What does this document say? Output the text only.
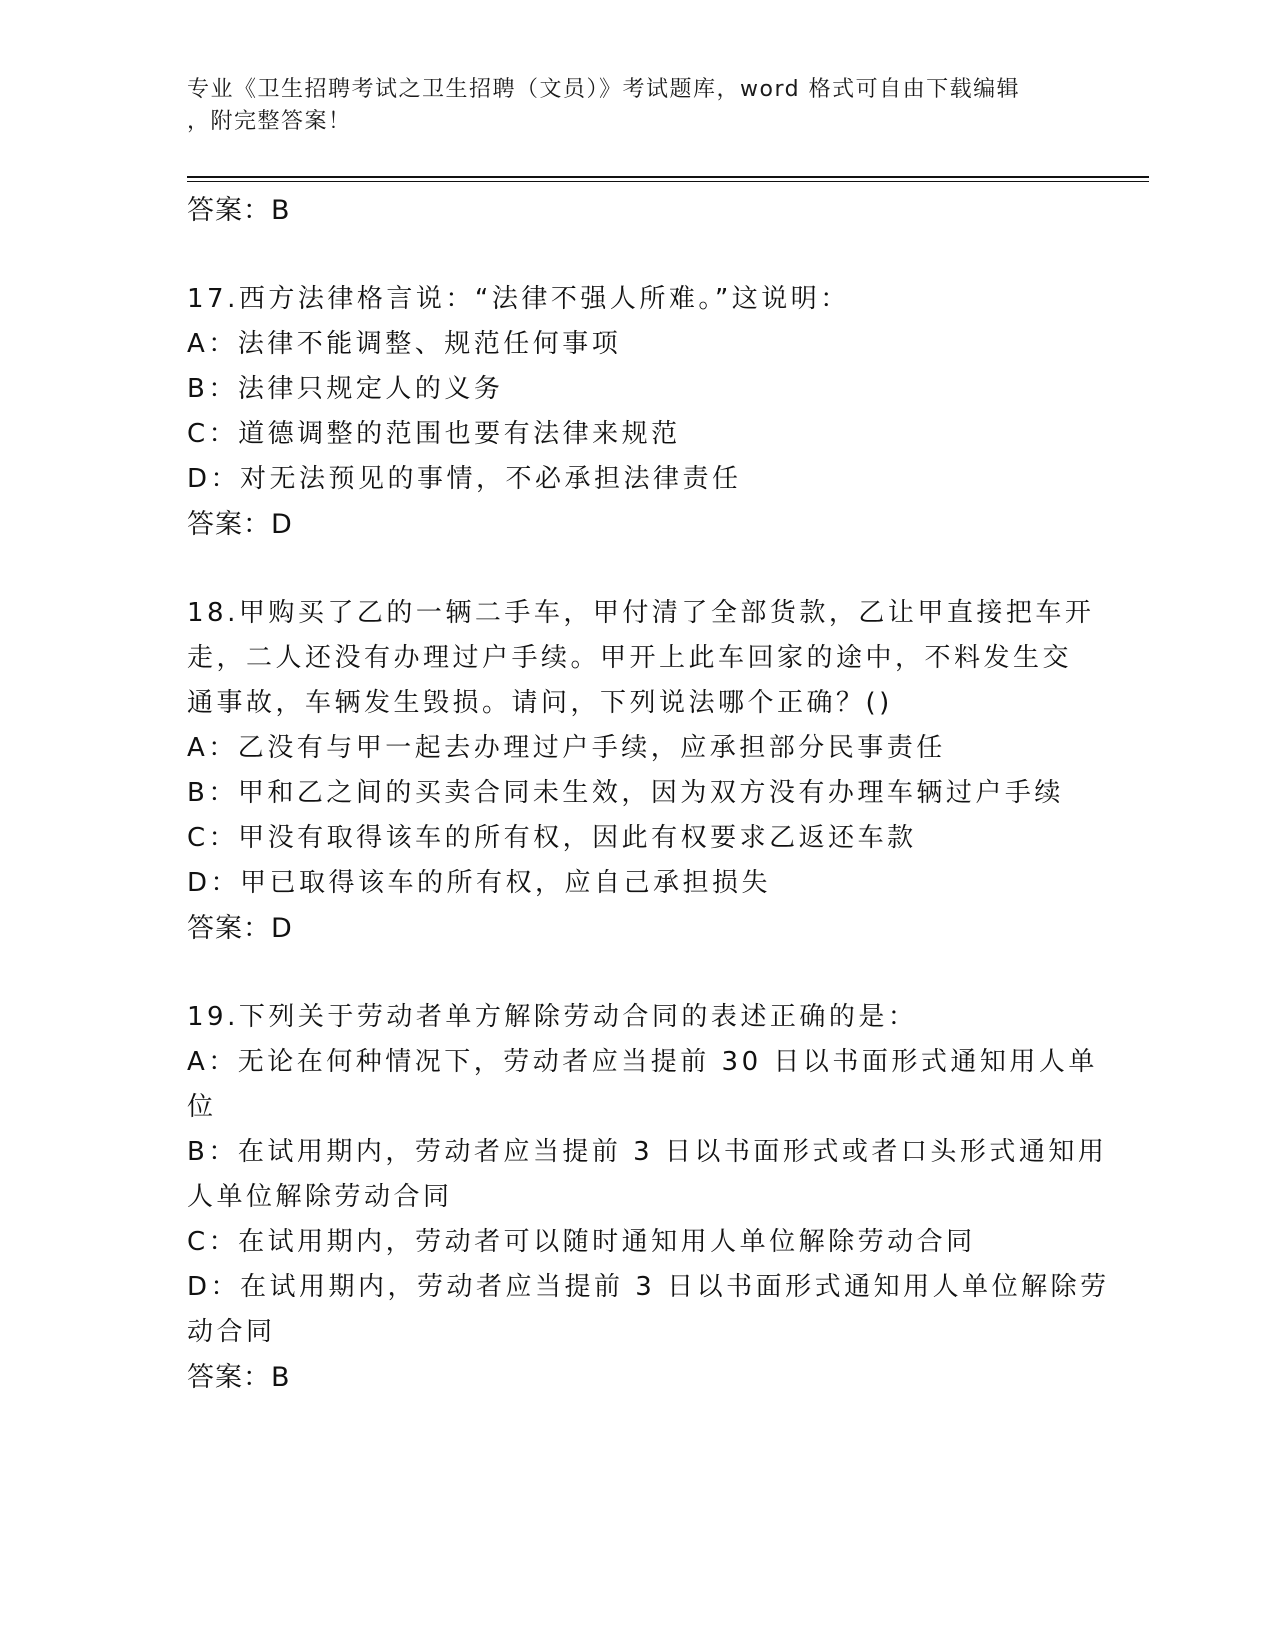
专业《卫生招聘考试之卫生招聘（文员）》考试题库，word 格式可自由下载编辑
，附完整答案！
答案：B
17.西方法律格言说：“法律不强人所难。”这说明：
A：法律不能调整、规范任何事项
B：法律只规定人的义务
C：道德调整的范围也要有法律来规范
D：对无法预见的事情，不必承担法律责任
答案：D
18.甲购买了乙的一辆二手车，甲付清了全部货款，乙让甲直接把车开
走，二人还没有办理过户手续。甲开上此车回家的途中，不料发生交
通事故，车辆发生毁损。请问，下列说法哪个正确？()
A：乙没有与甲一起去办理过户手续，应承担部分民事责任
B：甲和乙之间的买卖合同未生效，因为双方没有办理车辆过户手续
C：甲没有取得该车的所有权，因此有权要求乙返还车款
D：甲已取得该车的所有权，应自己承担损失
答案：D
19.下列关于劳动者单方解除劳动合同的表述正确的是：
A：无论在何种情况下，劳动者应当提前 30 日以书面形式通知用人单
位
B：在试用期内，劳动者应当提前 3 日以书面形式或者口头形式通知用
人单位解除劳动合同
C：在试用期内，劳动者可以随时通知用人单位解除劳动合同
D：在试用期内，劳动者应当提前 3 日以书面形式通知用人单位解除劳
动合同
答案：B
